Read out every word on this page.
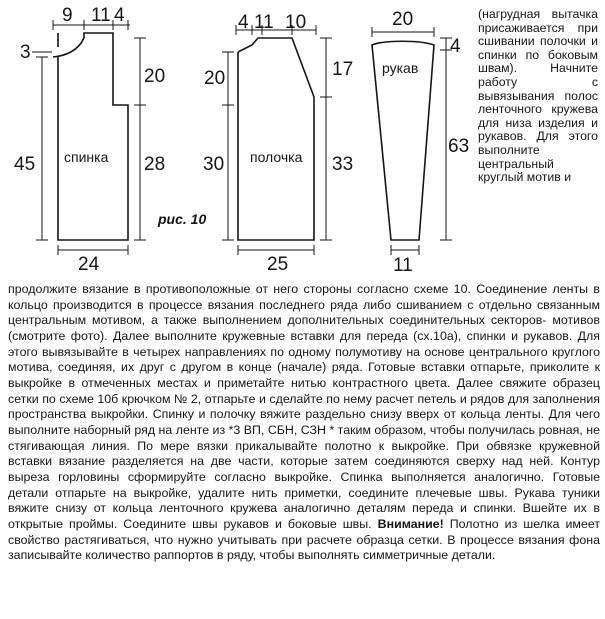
9 11 4
3
20
28
45
24
спинка
рис. 10
4 11 10
20
30
17
33
25
полочка
20
4
63
11
рукав

(нагрудная вытачка присаживается при сшивании полочки и спинки по боковым швам). Начните работу с вывязывания полос ленточного кружева для низа изделия и рукавов. Для этого выполните центральный круглый мотив и

продолжите вязание в противоположные от него стороны согласно схеме 10. Соединение ленты в кольцо производится в процессе вязания последнего ряда либо сшиванием с отдельно связанным центральным мотивом, а также выполнением дополнительных соединительных секторов- мотивов (смотрите фото). Далее выполните кружевные вставки для переда (сх.10а), спинки и рукавов. Для этого вывязывайте в четырех направлениях по одному полумотиву на основе центрального круглого мотива, соединяя, их друг с другом в конце (начале) ряда. Готовые вставки отпарьте, приколите к выкройке в отмеченных местах и приметайте нитью контрастного цвета. Далее свяжите образец сетки по схеме 10б крючком № 2, отпарьте и сделайте по нему расчет петель и рядов для заполнения пространства выкройки. Спинку и полочку вяжите раздельно снизу вверх от кольца ленты. Для чего выполните наборный ряд на ленте из *3 ВП, СБН, СЗН * таким образом, чтобы получилась ровная, не стягивающая линия. По мере вязки прикалывайте полотно к выкройке. При обвязке кружевной вставки вязание разделяется на две части, которые затем соединяются сверху над ней. Контур выреза горловины сформируйте согласно выкройке. Спинка выполняется аналогично. Готовые детали отпарьте на выкройке, удалите нить приметки, соедините плечевые швы. Рукава туники вяжите снизу от кольца ленточного кружева аналогично деталям переда и спинки. Вшейте их в открытые проймы. Соедините швы рукавов и боковые швы. Внимание! Полотно из шелка имеет свойство растягиваться, что нужно учитывать при расчете образца сетки. В процессе вязания фона записывайте количество раппортов в ряду, чтобы выполнять симметричные детали.
